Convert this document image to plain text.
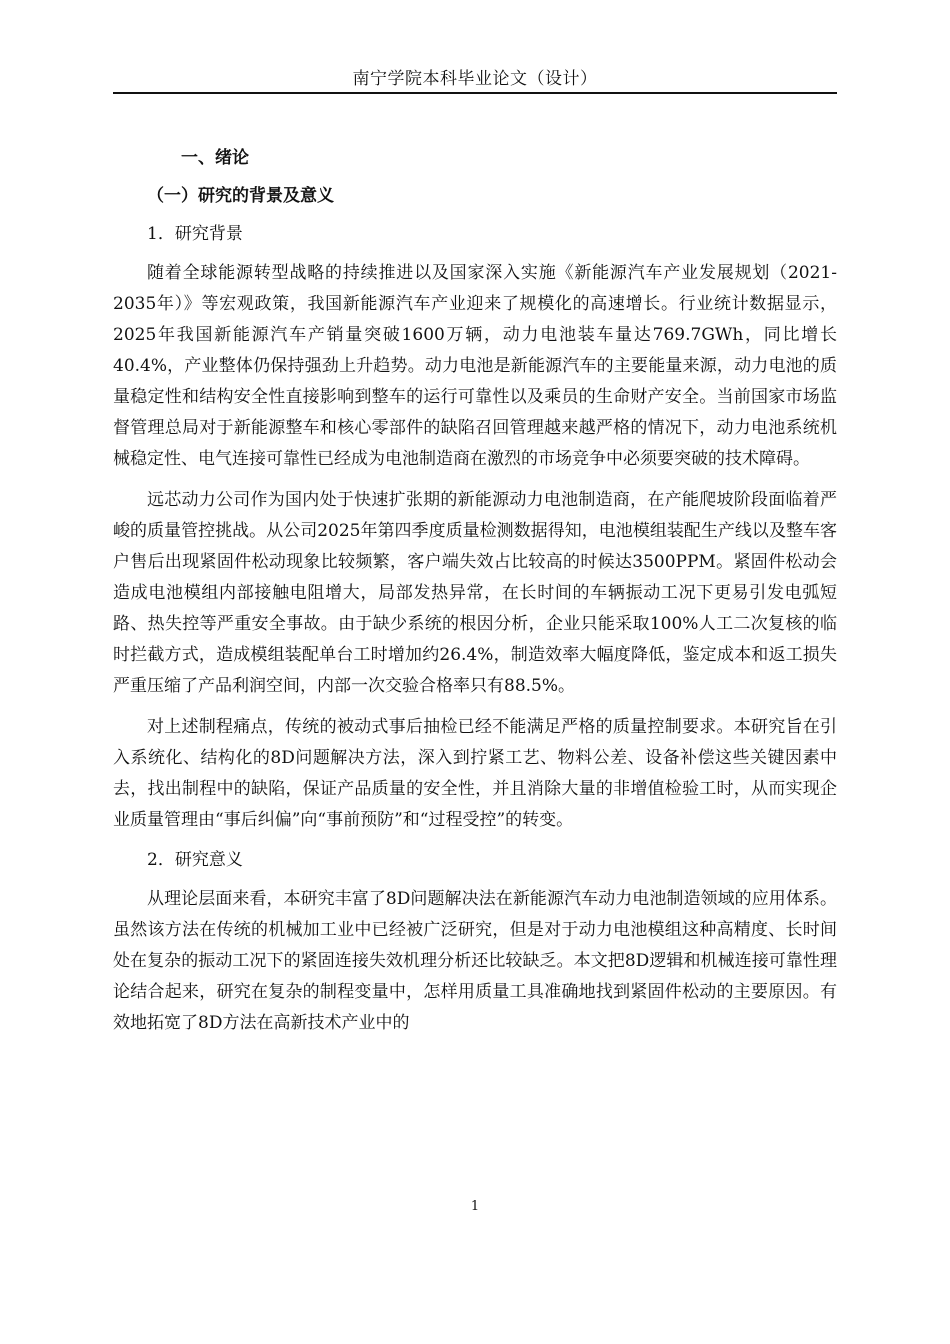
南宁学院本科毕业论文（设计）
一、绪论
（一）研究的背景及意义
1．研究背景

随着全球能源转型战略的持续推进以及国家深入实施《新能源汽车产业发展规划（2021-2035年）》等宏观政策，我国新能源汽车产业迎来了规模化的高速增长。行业统计数据显示，2025年我国新能源汽车产销量突破1600万辆，动力电池装车量达769.7GWh，同比增长40.4%，产业整体仍保持强劲上升趋势。动力电池是新能源汽车的主要能量来源，动力电池的质量稳定性和结构安全性直接影响到整车的运行可靠性以及乘员的生命财产安全。当前国家市场监督管理总局对于新能源整车和核心零部件的缺陷召回管理越来越严格的情况下，动力电池系统机械稳定性、电气连接可靠性已经成为电池制造商在激烈的市场竞争中必须要突破的技术障碍。

远芯动力公司作为国内处于快速扩张期的新能源动力电池制造商，在产能爬坡阶段面临着严峻的质量管控挑战。从公司2025年第四季度质量检测数据得知，电池模组装配生产线以及整车客户售后出现紧固件松动现象比较频繁，客户端失效占比较高的时候达3500PPM。紧固件松动会造成电池模组内部接触电阻增大，局部发热异常，在长时间的车辆振动工况下更易引发电弧短路、热失控等严重安全事故。由于缺少系统的根因分析，企业只能采取100%人工二次复核的临时拦截方式，造成模组装配单台工时增加约26.4%，制造效率大幅度降低，鉴定成本和返工损失严重压缩了产品利润空间，内部一次交验合格率只有88.5%。

对上述制程痛点，传统的被动式事后抽检已经不能满足严格的质量控制要求。本研究旨在引入系统化、结构化的8D问题解决方法，深入到拧紧工艺、物料公差、设备补偿这些关键因素中去，找出制程中的缺陷，保证产品质量的安全性，并且消除大量的非增值检验工时，从而实现企业质量管理由“事后纠偏”向“事前预防”和“过程受控”的转变。

2．研究意义

从理论层面来看，本研究丰富了8D问题解决法在新能源汽车动力电池制造领域的应用体系。虽然该方法在传统的机械加工业中已经被广泛研究，但是对于动力电池模组这种高精度、长时间处在复杂的振动工况下的紧固连接失效机理分析还比较缺乏。本文把8D逻辑和机械连接可靠性理论结合起来，研究在复杂的制程变量中，怎样用质量工具准确地找到紧固件松动的主要原因。有效地拓宽了8D方法在高新技术产业中的

1
